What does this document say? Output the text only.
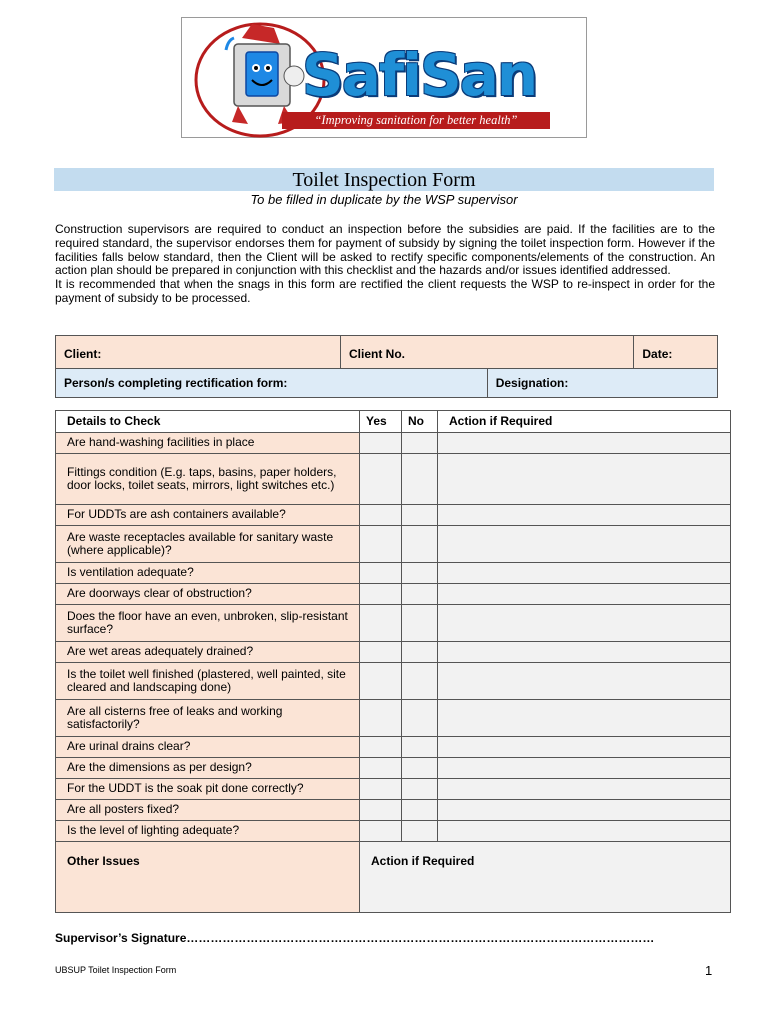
SafiSan
“Improving sanitation for better health”
Toilet Inspection Form
To be filled in duplicate by the WSP supervisor

Construction supervisors are required to conduct an inspection before the subsidies are paid. If the facilities are to the required standard, the supervisor endorses them for payment of subsidy by signing the toilet inspection form. However if the facilities falls below standard, then the Client will be asked to rectify specific components/elements of the construction. An action plan should be prepared in conjunction with this checklist and the hazards and/or issues identified addressed.

It is recommended that when the snags in this form are rectified the client requests the WSP to re-inspect in order for the payment of subsidy to be processed.

Client:	Client No.		Date:
Person/s completing rectification form:		Designation:	
Details to Check	Yes	No	Action if Required
Are hand-washing facilities in place			
Fittings condition (E.g. taps, basins, paper holders, door locks, toilet seats, mirrors, light switches etc.)			
For UDDTs are ash containers available?			
Are waste receptacles available for sanitary waste (where applicable)?			
Is ventilation adequate?			
Are doorways clear of obstruction?			
Does the floor have an even, unbroken, slip-resistant surface?			
Are wet areas adequately drained?			
Is the toilet well finished (plastered, well painted, site cleared and landscaping done)			
Are all cisterns free of leaks and working satisfactorily?			
Are urinal drains clear?			
Are the dimensions as per design?			
For the UDDT is the soak pit done correctly?			
Are all posters fixed?			
Is the level of lighting adequate?			
Other Issues	Action if Required		
Supervisor’s Signature………………………………………………………………………………………………………
UBSUP Toilet Inspection Form	1
